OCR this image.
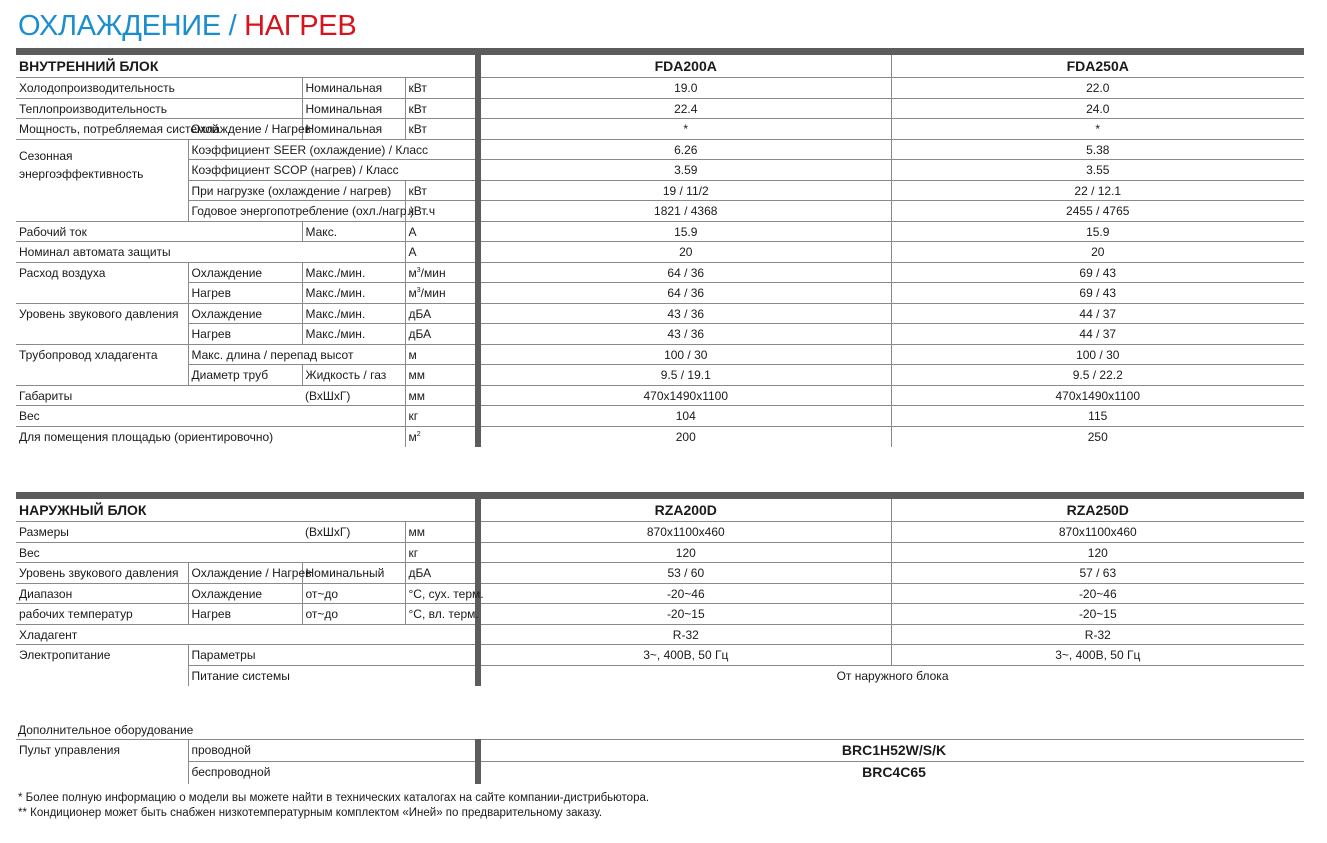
ОХЛАЖДЕНИЕ / НАГРЕВ
ВНУТРЕННИЙ БЛОК				FDA200A	FDA250A
Холодопроизводительность		Номинальная	кВт	19.0	22.0
Теплопроизводительность		Номинальная	кВт	22.4	24.0
Мощность, потребляемая системой	Охлаждение / Нагрев	Номинальная	кВт	*	*
Сезонная энергоэффективность	Коэффициент SEER (охлаждение) / Класс			6.26	5.38
	Коэффициент SCOP (нагрев) / Класс			3.59	3.55
	При нагрузке (охлаждение / нагрев)		кВт	19 / 11/2	22 / 12.1
	Годовое энергопотребление (охл./нагр.)		кВт.ч	1821 / 4368	2455 / 4765
Рабочий ток		Макс.	А	15.9	15.9
Номинал автомата защиты			А	20	20
Расход воздуха	Охлаждение	Макс./мин.	$м^3$/мин	64 / 36	69 / 43
	Нагрев	Макс./мин.	$м^3$/мин	64 / 36	69 / 43
Уровень звукового давления	Охлаждение	Макс./мин.	дБА	43 / 36	44 / 37
	Нагрев	Макс./мин.	дБА	43 / 36	44 / 37
Трубопровод хладагента	Макс. длина / перепад высот		м	100 / 30	100 / 30
	Диаметр труб	Жидкость / газ	мм	9.5 / 19.1	9.5 / 22.2
Габариты		(ВхШхГ)	мм	470x1490x1100	470x1490x1100
Вес			кг	104	115
Для помещения площадью (ориентировочно)			$м^2$	200	250
НАРУЖНЫЙ БЛОК				RZA200D	RZA250D
Размеры		(ВхШхГ)	мм	870x1100x460	870x1100x460
Вес			кг	120	120
Уровень звукового давления	Охлаждение / Нагрев	Номинальный	дБА	53 / 60	57 / 63
Диапазон	Охлаждение	от~до	°С, сух. терм.	-20~46	-20~46
рабочих температур	Нагрев	от~до	°С, вл. терм.	-20~15	-20~15
Хладагент				R-32	R-32
Электропитание	Параметры			3~, 400В, 50 Гц	3~, 400В, 50 Гц
	Питание системы			От наружного блока	
Дополнительное оборудование
Пульт управления	проводной	BRC1H52W/S/K
	беспроводной	BRC4C65
* Более полную информацию о модели вы можете найти в технических каталогах на сайте компании-дистрибьютора.
** Кондиционер может быть снабжен низкотемпературным комплектом «Иней» по предварительному заказу.
